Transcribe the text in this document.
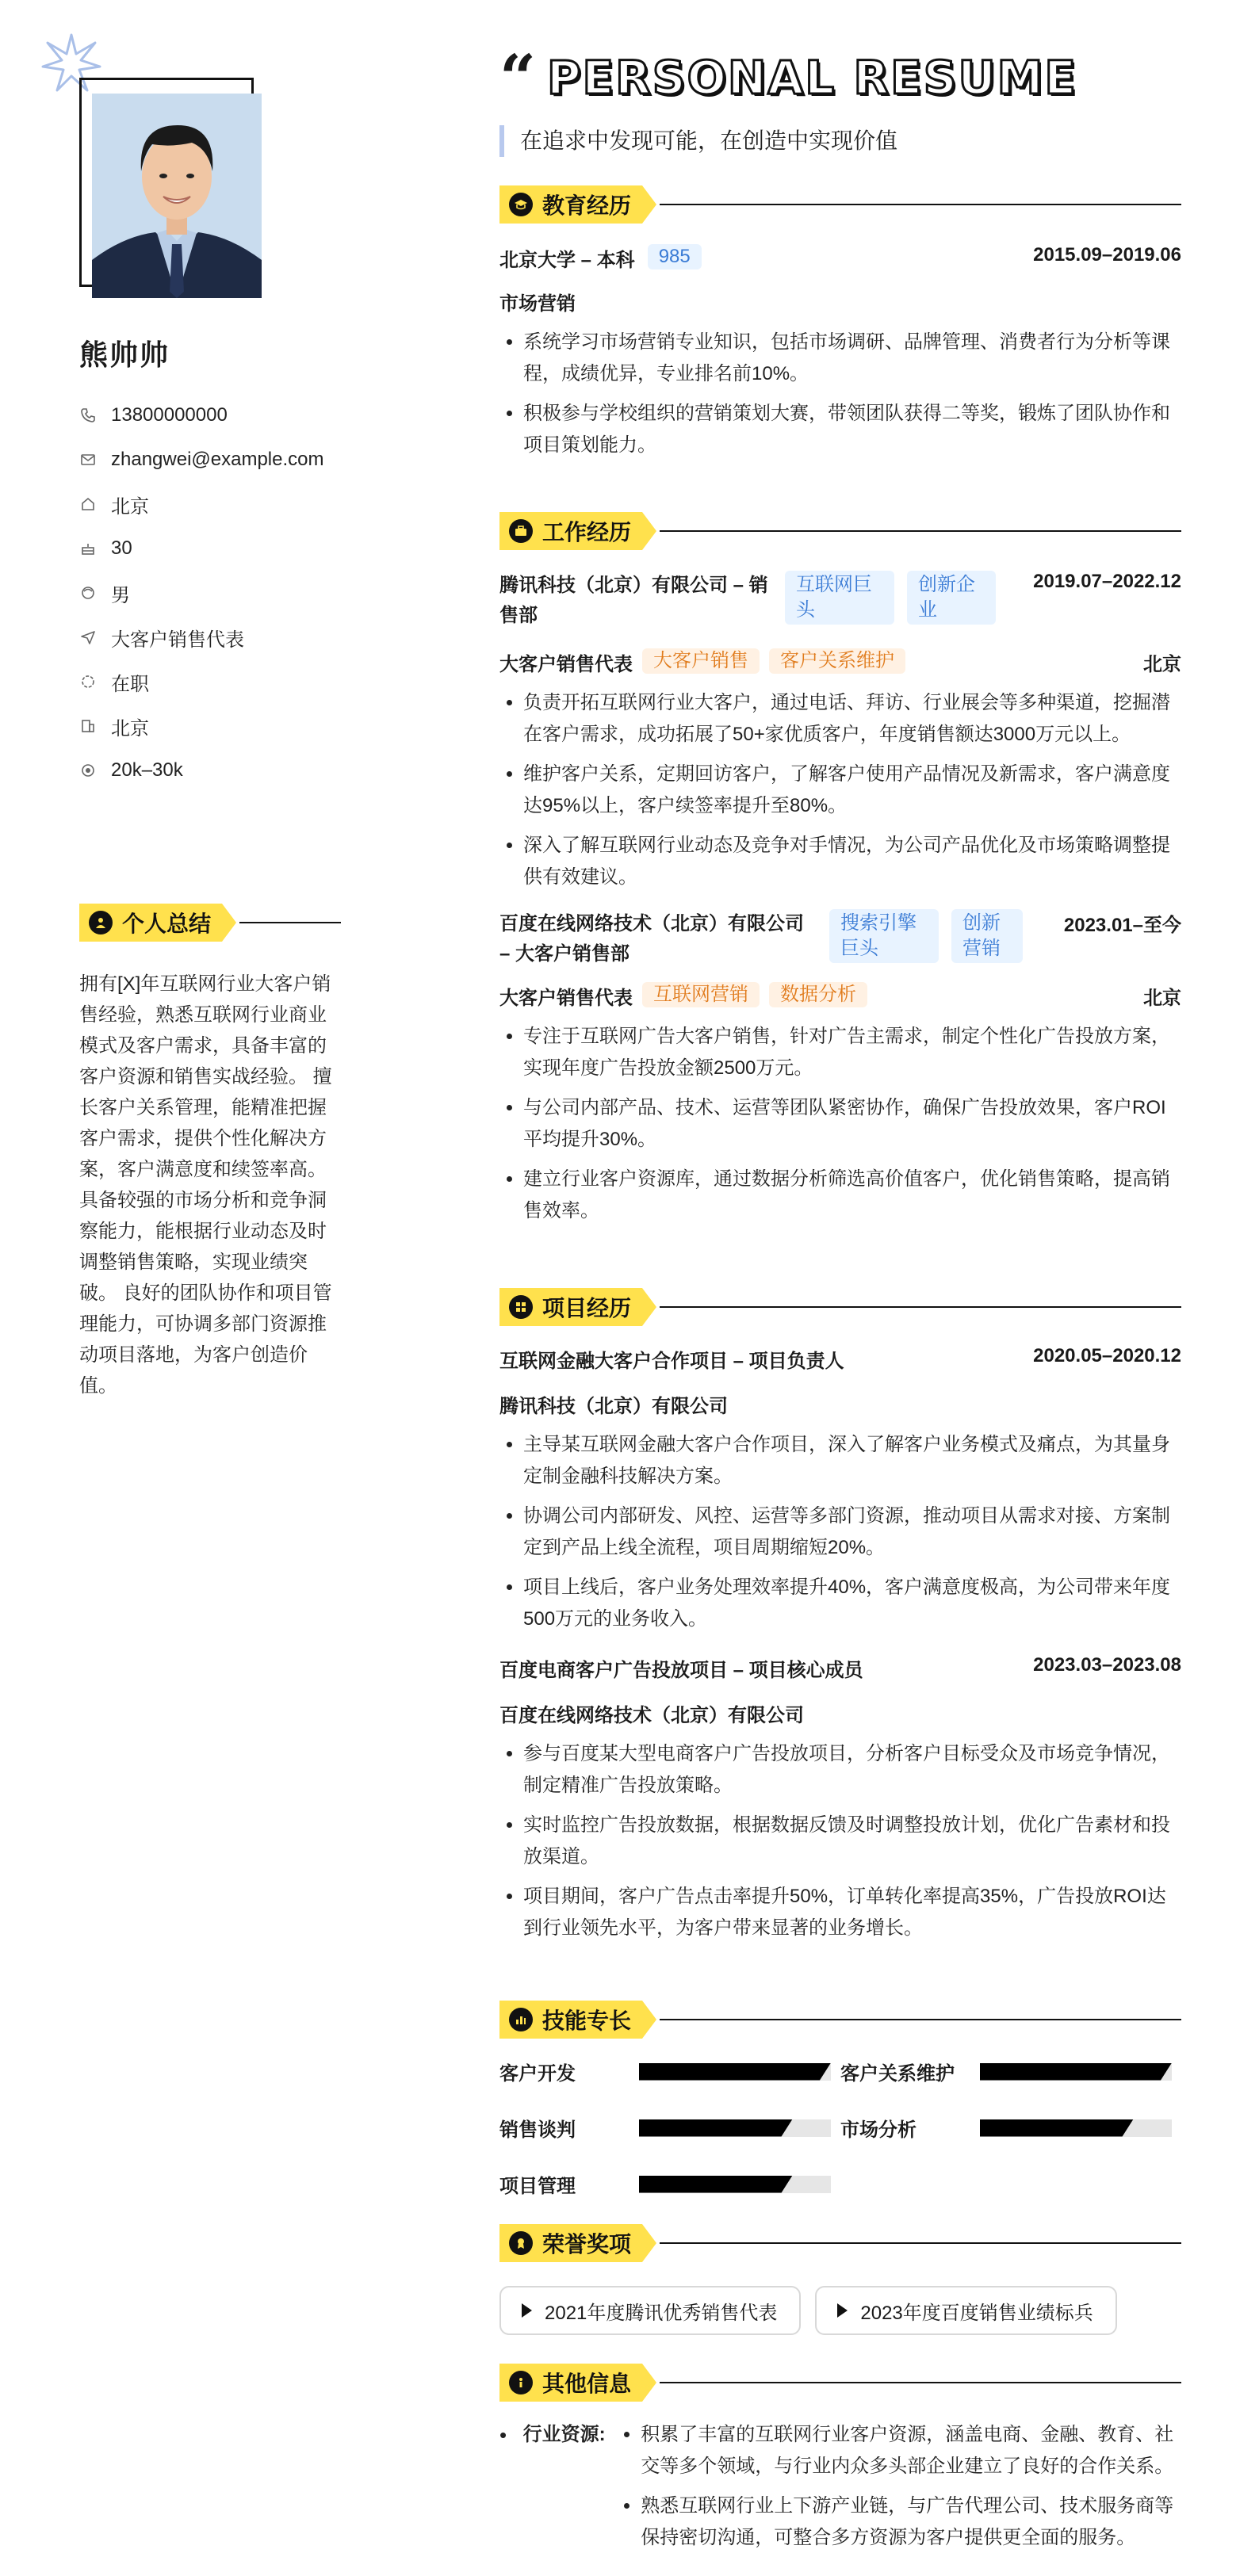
熊帅帅
13800000000
zhangwei@example.com
北京
30
男
大客户销售代表
在职
北京
20k–30k
个人总结
拥有[X]年互联网行业大客户销售经验，熟悉互联网行业商业模式及客户需求，具备丰富的客户资源和销售实战经验。 擅长客户关系管理，能精准把握客户需求，提供个性化解决方案，客户满意度和续签率高。 具备较强的市场分析和竞争洞察能力，能根据行业动态及时调整销售策略，实现业绩突破。 良好的团队协作和项目管理能力，可协调多部门资源推动项目落地，为客户创造价值。
“ PERSONAL RESUME
在追求中发现可能，在创造中实现价值
教育经历
北京大学 – 本科	985	2015.09–2019.06
市场营销
• 系统学习市场营销专业知识，包括市场调研、品牌管理、消费者行为分析等课程，成绩优异，专业排名前10%。
• 积极参与学校组织的营销策划大赛，带领团队获得二等奖，锻炼了团队协作和项目策划能力。
工作经历
腾讯科技（北京）有限公司 – 销售部
互联网巨头
创新企业
2019.07–2022.12
大客户销售代表	大客户销售	客户关系维护	北京
• 负责开拓互联网行业大客户，通过电话、拜访、行业展会等多种渠道，挖掘潜在客户需求，成功拓展了50+家优质客户，年度销售额达3000万元以上。
• 维护客户关系，定期回访客户，了解客户使用产品情况及新需求，客户满意度达95%以上，客户续签率提升至80%。
• 深入了解互联网行业动态及竞争对手情况，为公司产品优化及市场策略调整提供有效建议。
百度在线网络技术（北京）有限公司 – 大客户销售部
搜索引擎巨头
创新营销
2023.01–至今
大客户销售代表	互联网营销	数据分析	北京
• 专注于互联网广告大客户销售，针对广告主需求，制定个性化广告投放方案，实现年度广告投放金额2500万元。
• 与公司内部产品、技术、运营等团队紧密协作，确保广告投放效果，客户ROI平均提升30%。
• 建立行业客户资源库，通过数据分析筛选高价值客户，优化销售策略，提高销售效率。
项目经历
互联网金融大客户合作项目 – 项目负责人	2020.05–2020.12
腾讯科技（北京）有限公司
• 主导某互联网金融大客户合作项目，深入了解客户业务模式及痛点，为其量身定制金融科技解决方案。
• 协调公司内部研发、风控、运营等多部门资源，推动项目从需求对接、方案制定到产品上线全流程，项目周期缩短20%。
• 项目上线后，客户业务处理效率提升40%，客户满意度极高，为公司带来年度500万元的业务收入。
百度电商客户广告投放项目 – 项目核心成员	2023.03–2023.08
百度在线网络技术（北京）有限公司
• 参与百度某大型电商客户广告投放项目，分析客户目标受众及市场竞争情况，制定精准广告投放策略。
• 实时监控广告投放数据，根据数据反馈及时调整投放计划，优化广告素材和投放渠道。
• 项目期间，客户广告点击率提升50%，订单转化率提高35%，广告投放ROI达到行业领先水平，为客户带来显著的业务增长。
技能专长
客户开发	客户关系维护
销售谈判	市场分析
项目管理
荣誉奖项
2021年度腾讯优秀销售代表	2023年度百度销售业绩标兵
其他信息
• 行业资源:
•	积累了丰富的互联网行业客户资源，涵盖电商、金融、教育、社交等多个领域，与行业内众多头部企业建立了良好的合作关系。
• 熟悉互联网行业上下游产业链，与广告代理公司、技术服务商等保持密切沟通，可整合多方资源为客户提供更全面的服务。
